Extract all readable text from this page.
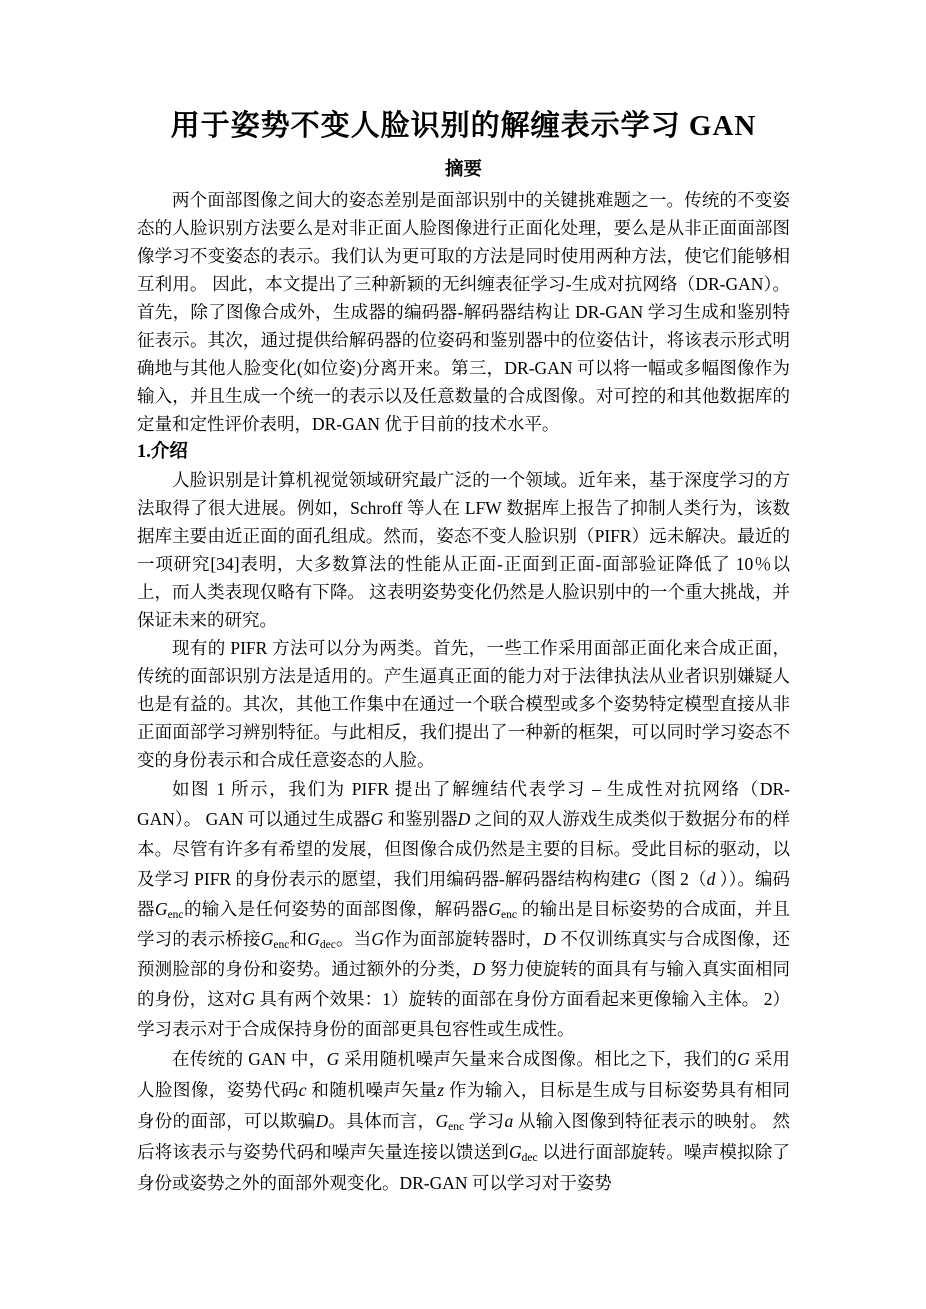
用于姿势不变人脸识别的解缠表示学习 GAN
摘要

两个面部图像之间大的姿态差别是面部识别中的关键挑难题之一。传统的不变姿态的人脸识别方法要么是对非正面人脸图像进行正面化处理，要么是从非正面面部图像学习不变姿态的表示。我们认为更可取的方法是同时使用两种方法，使它们能够相互利用。 因此，本文提出了三种新颖的无纠缠表征学习-生成对抗网络（DR-GAN）。首先，除了图像合成外，生成器的编码器-解码器结构让 DR-GAN 学习生成和鉴别特征表示。其次，通过提供给解码器的位姿码和鉴别器中的位姿估计，将该表示形式明确地与其他人脸变化(如位姿)分离开来。第三，DR-GAN 可以将一幅或多幅图像作为输入，并且生成一个统一的表示以及任意数量的合成图像。对可控的和其他数据库的定量和定性评价表明，DR-GAN 优于目前的技术水平。

1.介绍

人脸识别是计算机视觉领域研究最广泛的一个领域。近年来，基于深度学习的方法取得了很大进展。例如，Schroff 等人在 LFW 数据库上报告了抑制人类行为，该数据库主要由近正面的面孔组成。然而，姿态不变人脸识别（PIFR）远未解决。最近的一项研究[34]表明，大多数算法的性能从正面-正面到正面-面部验证降低了 10％以上，而人类表现仅略有下降。 这表明姿势变化仍然是人脸识别中的一个重大挑战，并保证未来的研究。

现有的 PIFR 方法可以分为两类。首先，一些工作采用面部正面化来合成正面，传统的面部识别方法是适用的。产生逼真正面的能力对于法律执法从业者识别嫌疑人也是有益的。其次，其他工作集中在通过一个联合模型或多个姿势特定模型直接从非正面面部学习辨别特征。与此相反，我们提出了一种新的框架，可以同时学习姿态不变的身份表示和合成任意姿态的人脸。

如图 1 所示，我们为 PIFR 提出了解缠结代表学习 – 生成性对抗网络（DR-GAN）。 GAN 可以通过生成器G 和鉴别器D 之间的双人游戏生成类似于数据分布的样本。尽管有许多有希望的发展，但图像合成仍然是主要的目标。受此目标的驱动，以及学习 PIFR 的身份表示的愿望，我们用编码器-解码器结构构建G（图 2（d ））。编码器$G_{enc}$的输入是任何姿势的面部图像，解码器$G_{enc}$ 的输出是目标姿势的合成面，并且学习的表示桥接$G_{enc}$和$G_{dec}$。当G作为面部旋转器时，D 不仅训练真实与合成图像，还预测脸部的身份和姿势。通过额外的分类，D 努力使旋转的面具有与输入真实面相同的身份，这对G 具有两个效果：1）旋转的面部在身份方面看起来更像输入主体。 2）学习表示对于合成保持身份的面部更具包容性或生成性。

在传统的 GAN 中，G 采用随机噪声矢量来合成图像。相比之下，我们的G 采用人脸图像，姿势代码c 和随机噪声矢量z 作为输入，目标是生成与目标姿势具有相同身份的面部，可以欺骗D。具体而言，$G_{enc}$ 学习a 从输入图像到特征表示的映射。 然后将该表示与姿势代码和噪声矢量连接以馈送到$G_{dec}$ 以进行面部旋转。噪声模拟除了身份或姿势之外的面部外观变化。DR-GAN 可以学习对于姿势
